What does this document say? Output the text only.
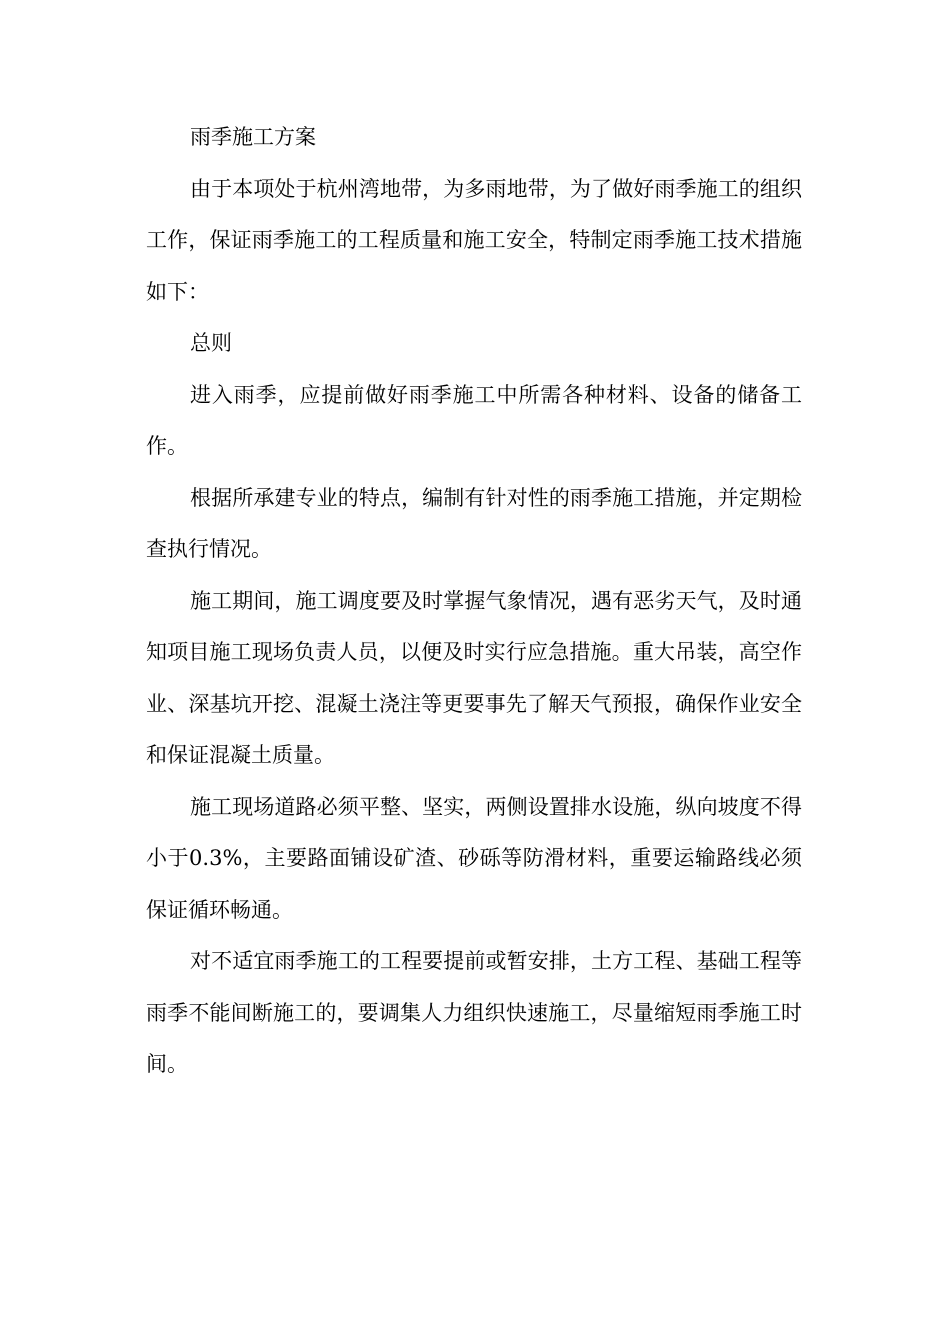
雨季施工方案

由于本项处于杭州湾地带，为多雨地带，为了做好雨季施工的组织工作，保证雨季施工的工程质量和施工安全，特制定雨季施工技术措施如下：

总则

进入雨季，应提前做好雨季施工中所需各种材料、设备的储备工作。

根据所承建专业的特点，编制有针对性的雨季施工措施，并定期检查执行情况。

施工期间，施工调度要及时掌握气象情况，遇有恶劣天气，及时通知项目施工现场负责人员，以便及时实行应急措施。重大吊装，高空作业、深基坑开挖、混凝土浇注等更要事先了解天气预报，确保作业安全和保证混凝土质量。

施工现场道路必须平整、坚实，两侧设置排水设施，纵向坡度不得小于0.3%，主要路面铺设矿渣、砂砾等防滑材料，重要运输路线必须保证循环畅通。

对不适宜雨季施工的工程要提前或暂安排，土方工程、基础工程等雨季不能间断施工的，要调集人力组织快速施工，尽量缩短雨季施工时间。
